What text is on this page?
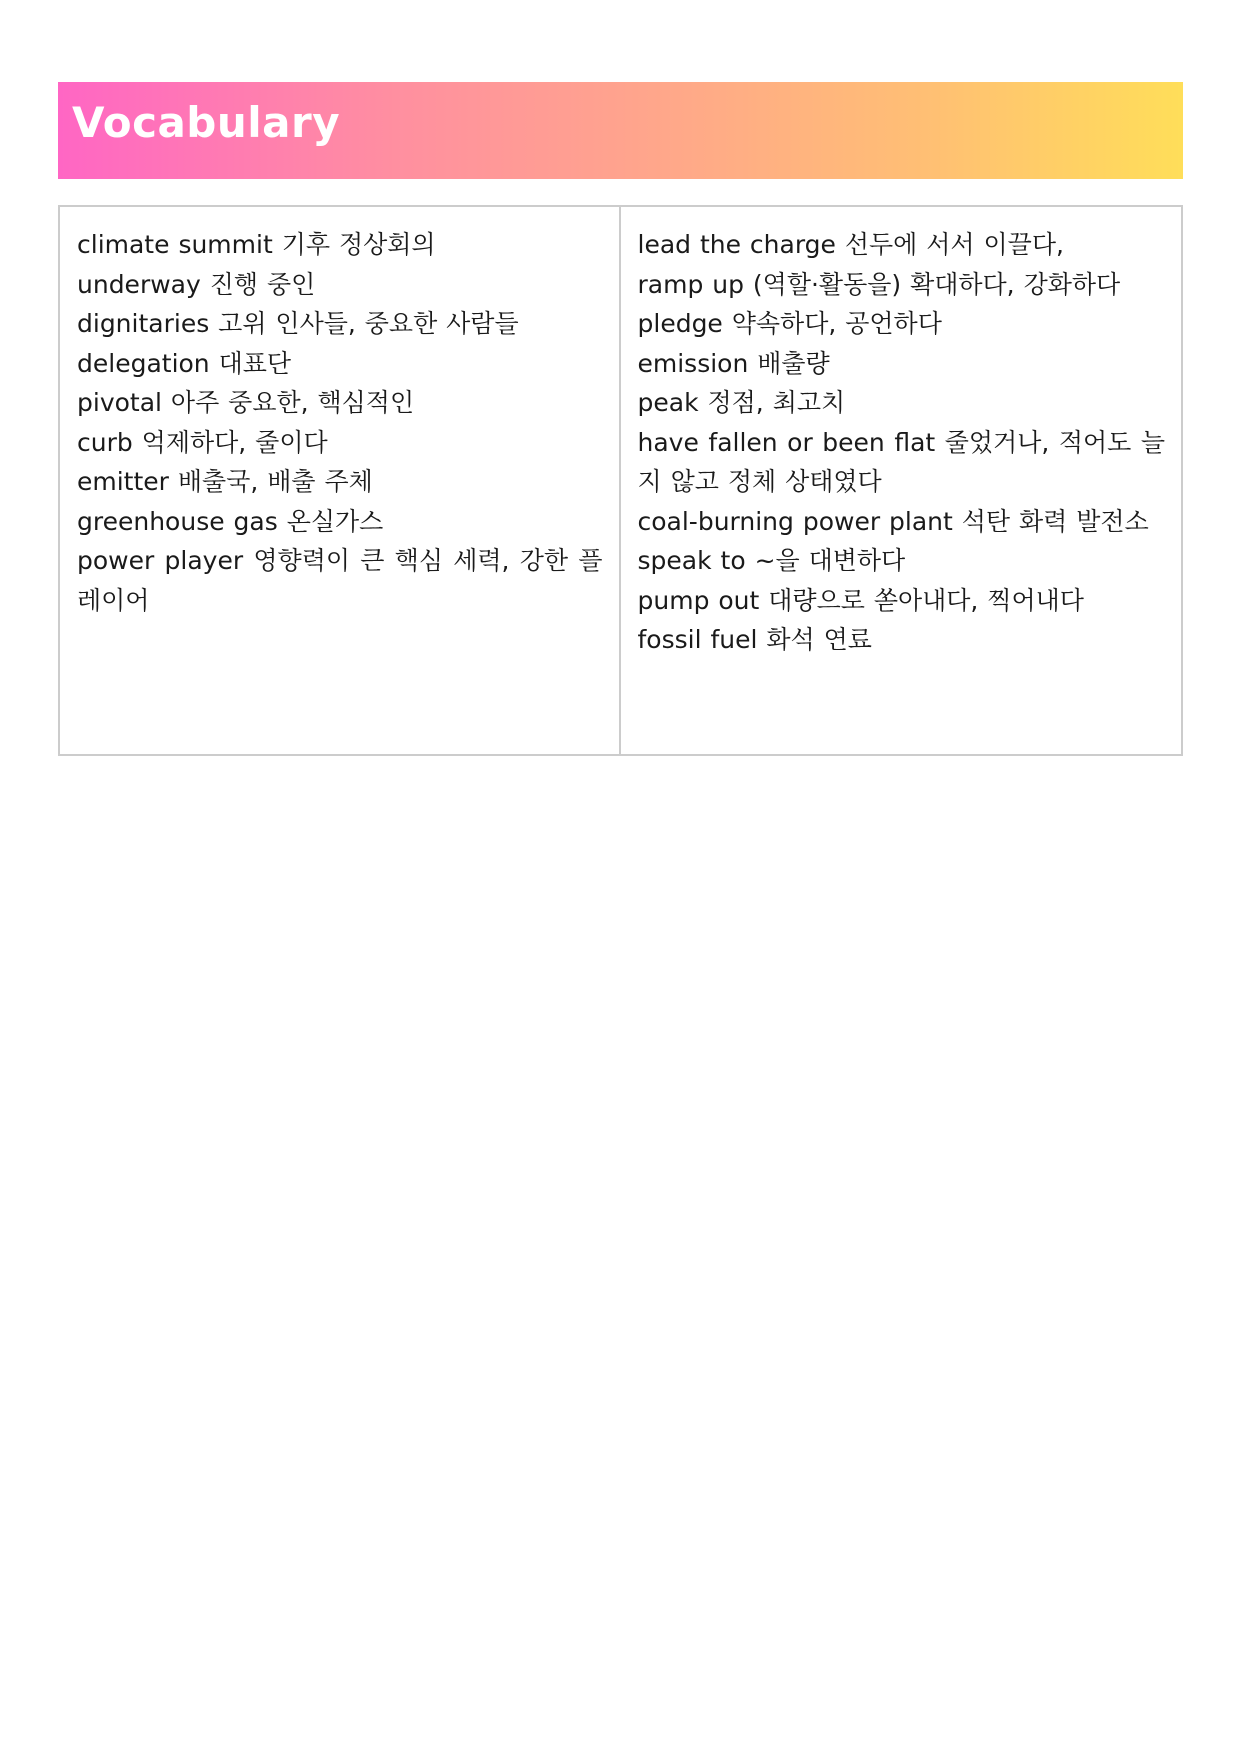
Vocabulary
climate summit 기후 정상회의
underway 진행 중인
dignitaries 고위 인사들, 중요한 사람들
delegation 대표단
pivotal 아주 중요한, 핵심적인
curb 억제하다, 줄이다
emitter 배출국, 배출 주체
greenhouse gas 온실가스
power player 영향력이 큰 핵심 세력, 강한 플레이어
lead the charge 선두에 서서 이끌다,
ramp up (역할·활동을) 확대하다, 강화하다
pledge 약속하다, 공언하다
emission 배출량
peak 정점, 최고치
have fallen or been flat 줄었거나, 적어도 늘지 않고 정체 상태였다
coal-burning power plant 석탄 화력 발전소
speak to ~을 대변하다
pump out 대량으로 쏟아내다, 찍어내다
fossil fuel 화석 연료
